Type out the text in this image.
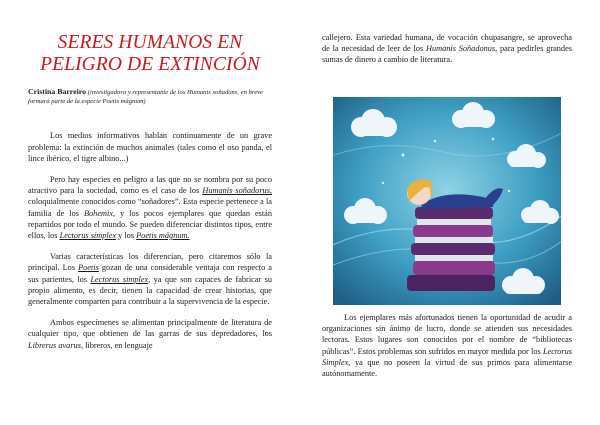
SERES HUMANOS EN
PELIGRO DE EXTINCIÓN
Cristina Barreiro (investigadora y representante de los Humanis soñadons, en breve formará parte de la especie Poetis mágnum)

Los medios informativos hablan continuamente de un grave problema: la extinción de muchos animales (tales como el oso panda, el lince ibérico, el tigre albino...)

Pero hay especies en peligro a las que no se nombra por su poco atractivo para la sociedad, como es el caso de los Humanis soñadorus, coloquialmente conocidos como “soñadores”. Esta especie pertenece a la familia de los Bohemix, y los pocos ejemplares que quedan están repartidos por todo el mundo. Se pueden diferenciar distintos tipos, entre ellos, los Lectorus simplex y los Poetis mágnum.

Varias características los diferencian, pero citaremos sólo la principal. Los Poetis gozan de una considerable ventaja con respecto a sus parientes, los Lectorus simplex, ya que son capaces de fabricar su propio alimento, es decir, tienen la capacidad de crear historias, que generalmente comparten para contribuir a la supervivencia de la especie.

Ambos especímenes se alimentan principalmente de literatura de cualquier tipo, que obtienen de las garras de sus depredadores, los Librerus avarus, libreros, en lenguaje

callejero. Esta variedad humana, de vocación chupasangre, se aprovecha de la necesidad de leer de los Humanis Soñadonus, para pedirles grandes sumas de dinero a cambio de literatura.

Los ejemplares más afortunados tienen la oportunidad de acudir a organizaciones sin ánimo de lucro, donde se atienden sus necesidades lectoras. Estos lugares son conocidos por el nombre de “bibliotecas públicas”. Estos problemas son sufridos en mayor medida por los Lectorus Simplex, ya que no poseen la virtud de sus primos para alimentarse autónomamente.
